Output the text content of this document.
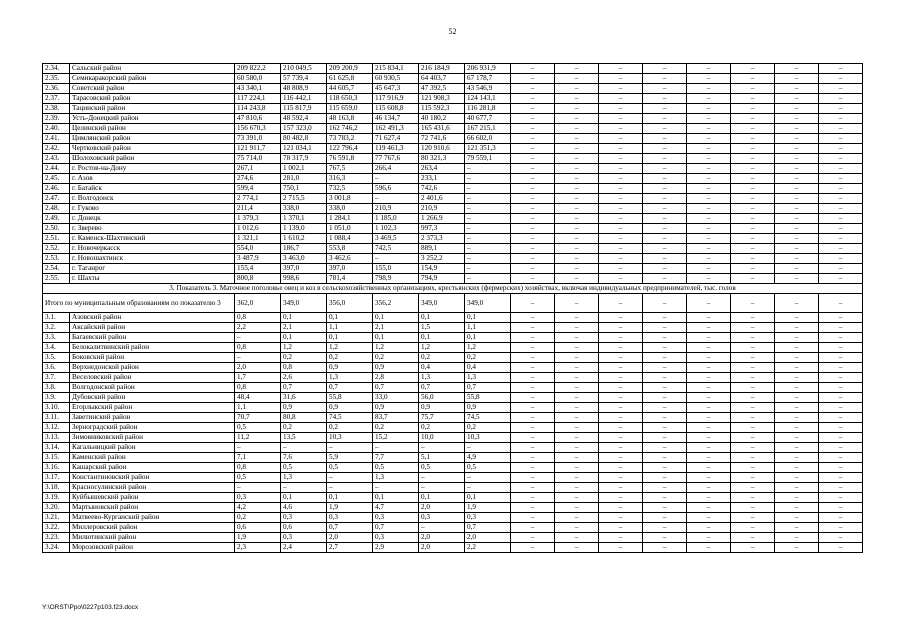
52
2.34.	Сальский район	209 822,2	210 049,5	209 200,9	215 834,1	216 184,9	206 931,9	–	–	–	–	–	–	–	–
2.35.	Семикаракорский район	60 580,0	57 739,4	61 625,8	60 930,5	64 403,7	67 178,7	–	–	–	–	–	–	–	–
2.36.	Советский район	43 340,1	48 808,9	44 605,7	45 647,3	47 392,5	43 546,9	–	–	–	–	–	–	–	–
2.37.	Тарасовский район	117 224,1	116 442,1	118 650,3	117 916,9	121 908,3	124 143,1	–	–	–	–	–	–	–	–
2.38.	Тацинский район	114 243,8	115 817,9	115 659,0	115 608,8	115 592,3	116 281,8	–	–	–	–	–	–	–	–
2.39.	Усть-Донецкий район	47 810,6	48 592,4	48 163,8	46 134,7	40 180,2	40 677,7	–	–	–	–	–	–	–	–
2.40.	Целинский район	156 670,3	157 323,0	162 746,2	162 491,3	165 431,6	167 215,1	–	–	–	–	–	–	–	–
2.41.	Цимлянский район	73 391,0	80 482,8	73 783,2	71 627,4	72 741,6	66 602,0	–	–	–	–	–	–	–	–
2.42.	Чертковский район	121 911,7	121 034,1	122 796,4	119 461,3	120 910,6	121 351,3	–	–	–	–	–	–	–	–
2.43.	Шолоховский район	75 714,0	78 317,9	76 591,8	77 767,6	80 321,3	79 559,1	–	–	–	–	–	–	–	–
2.44.	г. Ростов-на-Дону	267,1	1 002,1	767,5	266,4	263,4	–	–	–	–	–	–	–	–	–
2.45.	г. Азов	274,6	281,0	316,3	–	233,1	–	–	–	–	–	–	–	–	–
2.46.	г. Батайск	599,4	750,1	732,5	596,6	742,6	–	–	–	–	–	–	–	–	–
2.47.	г. Волгодонск	2 774,1	2 715,5	3 001,8	–	2 401,6	–	–	–	–	–	–	–	–	–
2.48.	г. Гуково	211,4	338,0	338,0	210,9	210,9	–	–	–	–	–	–	–	–	–
2.49.	г. Донецк	1 379,3	1 370,1	1 284,1	1 185,0	1 266,9	–	–	–	–	–	–	–	–	–
2.50.	г. Зверево	1 012,6	1 139,0	1 051,0	1 102,3	997,3	–	–	–	–	–	–	–	–	–
2.51.	г. Каменск-Шахтинский	1 321,1	1 610,2	1 088,4	3 469,5	2 373,3	–	–	–	–	–	–	–	–	–
2.52.	г. Новочеркасск	554,0	186,7	553,8	742,5	889,1	–	–	–	–	–	–	–	–	–
2.53.	г. Новошахтинск	3 487,9	3 463,0	3 462,6	–	3 252,2	–	–	–	–	–	–	–	–	–
2.54.	г. Таганрог	155,4	397,0	397,0	155,0	154,9	–	–	–	–	–	–	–	–	–
2.55.	г. Шахты	800,8	998,6	781,4	798,9	794,9	–	–	–	–	–	–	–	–	–
3. Показатель 3. Маточное поголовье овец и коз в сельскохозяйственных организациях, крестьянских (фермерских) хозяйствах, включая индивидуальных предпринимателей, тыс. голов															
Итого по муниципальным образованиям по показателю 3		362,0	349,0	356,0	356,2	349,0	349,0	–	–	–	–	–	–	–	–
3.1.	Азовский район	0,8	0,1	0,1	0,1	0,1	0,1	–	–	–	–	–	–	–	–
3.2.	Аксайский район	2,2	2,1	1,1	2,1	1,5	1,1	–	–	–	–	–	–	–	–
3.3.	Багаевский район	–	0,1	0,1	0,1	0,1	0,1	–	–	–	–	–	–	–	–
3.4.	Белокалитвинский район	0,8	1,2	1,2	1,2	1,2	1,2	–	–	–	–	–	–	–	–
3.5.	Боковский район	–	0,2	0,2	0,2	0,2	0,2	–	–	–	–	–	–	–	–
3.6.	Верхнедонской район	2,0	0,8	0,9	0,9	0,4	0,4	–	–	–	–	–	–	–	–
3.7.	Веселовский район	1,7	2,6	1,3	2,8	1,3	1,3	–	–	–	–	–	–	–	–
3.8.	Волгодонской район	0,8	0,7	0,7	0,7	0,7	0,7	–	–	–	–	–	–	–	–
3.9.	Дубовский район	48,4	31,6	55,8	33,0	56,0	55,8	–	–	–	–	–	–	–	–
3.10.	Егорлыкский район	1,1	0,9	0,9	0,9	0,9	0,9	–	–	–	–	–	–	–	–
3.11.	Заветинский район	70,7	80,8	74,5	83,7	75,7	74,5	–	–	–	–	–	–	–	–
3.12.	Зерноградский район	0,5	0,2	0,2	0,2	0,2	0,2	–	–	–	–	–	–	–	–
3.13.	Зимовниковский район	11,2	13,5	10,3	15,2	10,0	10,3	–	–	–	–	–	–	–	–
3.14.	Кагальницкий район	–	–	–	–	–	–	–	–	–	–	–	–	–	–
3.15.	Каменский район	7,1	7,6	5,9	7,7	5,1	4,9	–	–	–	–	–	–	–	–
3.16.	Кашарский район	0,8	0,5	0,5	0,5	0,5	0,5	–	–	–	–	–	–	–	–
3.17.	Константиновский район	0,5	1,3	–	1,3	–	–	–	–	–	–	–	–	–	–
3.18.	Красносулинский район	–	–	–	–	–	–	–	–	–	–	–	–	–	–
3.19.	Куйбышевский район	0,3	0,1	0,1	0,1	0,1	0,1	–	–	–	–	–	–	–	–
3.20.	Мартыновский район	4,2	4,6	1,9	4,7	2,0	1,9	–	–	–	–	–	–	–	–
3.21.	Матвеево-Курганский район	0,2	0,3	0,3	0,3	0,3	0,3	–	–	–	–	–	–	–	–
3.22.	Миллеровский район	0,6	0,6	0,7	0,7	–	0,7	–	–	–	–	–	–	–	–
3.23.	Милютинский район	1,9	0,3	2,0	0,3	2,0	2,0	–	–	–	–	–	–	–	–
3.24.	Морозовский район	2,3	2,4	2,7	2,9	2,0	2,2	–	–	–	–	–	–	–	–
Y:\ORST\Ppo\0227p103.f23.docx
